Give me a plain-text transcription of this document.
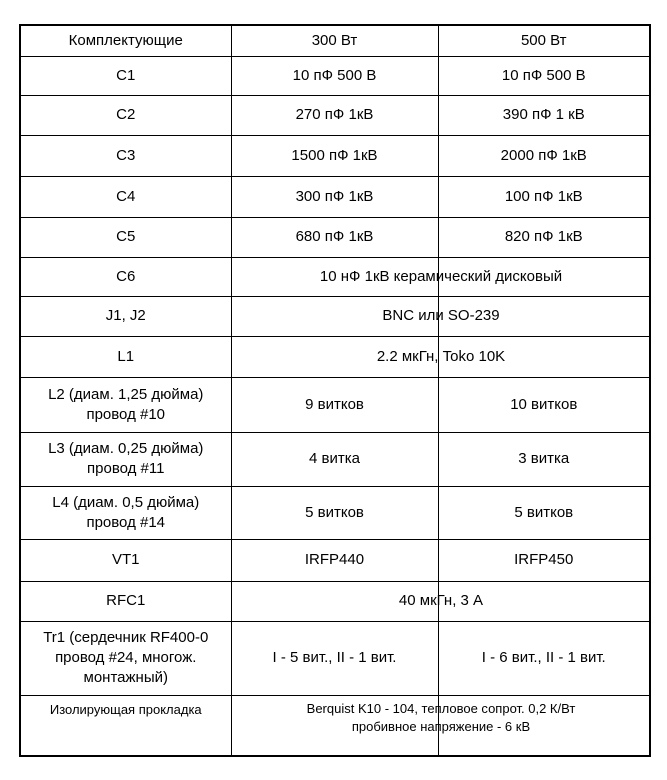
Комплектующие	300 Вт	500 Вт
C1	10 пФ 500 В	10 пФ 500 В
C2	270 пФ 1кВ	390 пФ 1 кВ
C3	1500 пФ 1кВ	2000 пФ 1кВ
C4	300 пФ 1кВ	100 пФ 1кВ
C5	680 пФ 1кВ	820 пФ 1кВ
C6	10 нФ 1кВ керамический дисковый	

J1, J2	BNC или SO-239	

L1	2.2 мкГн, Toko 10K	

L2 (диам. 1,25 дюйма)
провод #10	9 витков	10 витков

L3 (диам. 0,25 дюйма)
провод #11	4 витка	3 витка

L4 (диам. 0,5 дюйма)
провод #14	5 витков	5 витков
VT1	IRFP440	IRFP450
RFC1	40 мкГн, 3 А	

Tr1 (сердечник RF400-0
провод #24, многож.
монтажный)	I - 5 вит., II - 1 вит.	I - 6 вит., II - 1 вит.
Изолирующая прокладка	Berquist K10 - 104, тепловое сопрот. 0,2 К/Вт
пробивное напряжение - 6 кВ	
